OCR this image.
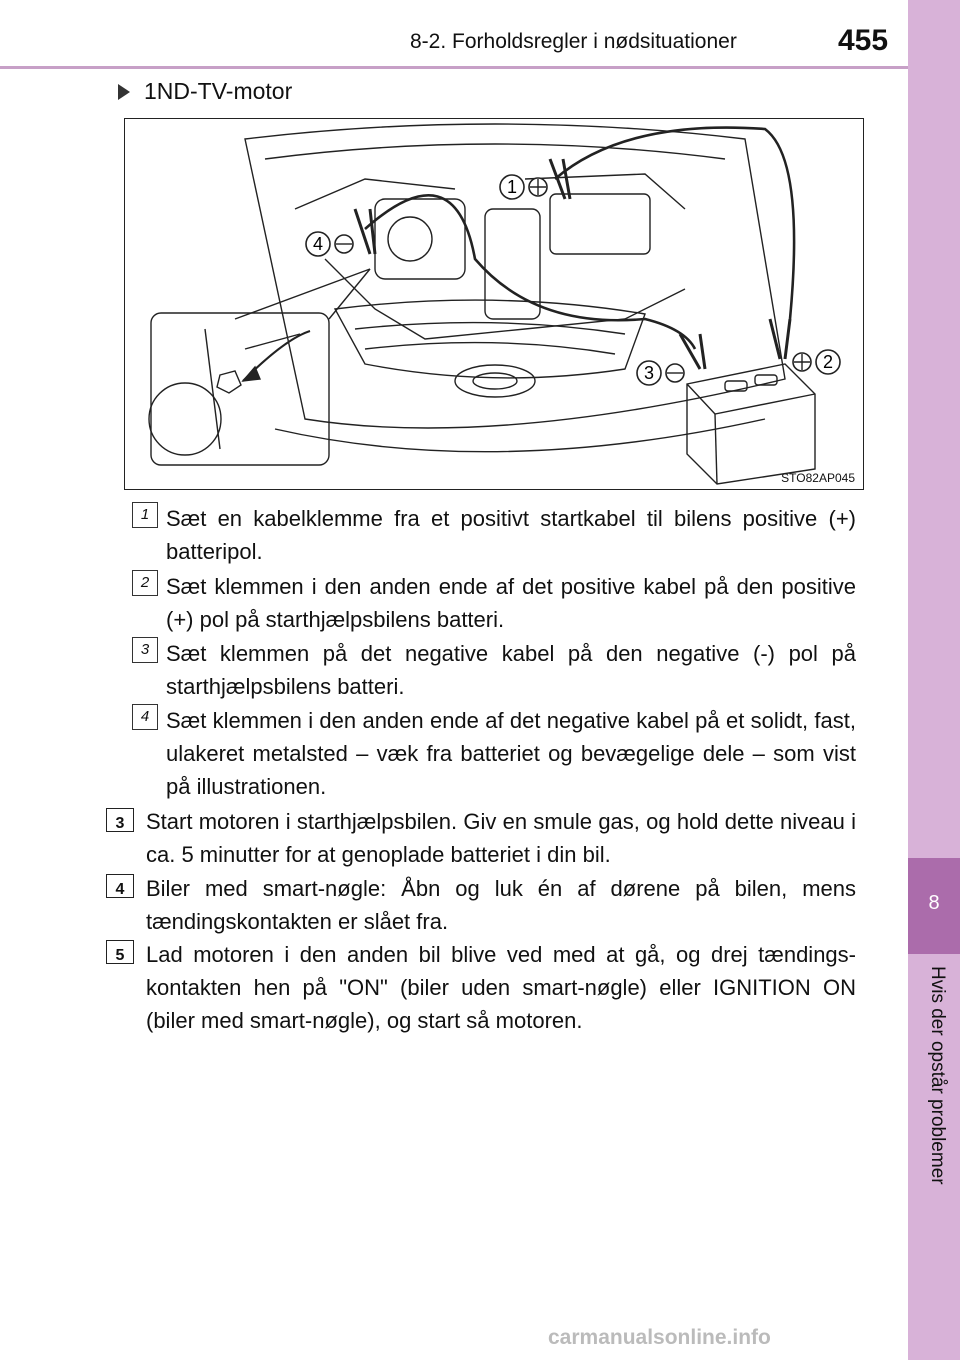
8-2. Forholdsregler i nødsituationer	455
8
Hvis der opstår problemer
1ND-TV-motor
1
4
3
2
STO82AP045
1 Sæt en kabelklemme fra et positivt startkabel til bilens positive (+) batteripol.
2 Sæt klemmen i den anden ende af det positive kabel på den positive (+) pol på starthjælpsbilens batteri.
3 Sæt klemmen på det negative kabel på den negative (-) pol på starthjælpsbilens batteri.
4 Sæt klemmen i den anden ende af det negative kabel på et solidt, fast, ulakeret metalsted – væk fra batteriet og bevægelige dele – som vist på illustrationen.
3 Start motoren i starthjælpsbilen. Giv en smule gas, og hold dette niveau i ca. 5 minutter for at genoplade batteriet i din bil.
4 Biler med smart-nøgle: Åbn og luk én af dørene på bilen, mens tændingskontakten er slået fra.
5 Lad motoren i den anden bil blive ved med at gå, og drej tændings-kontakten hen på "ON" (biler uden smart-nøgle) eller IGNITION ON (biler med smart-nøgle), og start så motoren.
carmanualsonline.info
